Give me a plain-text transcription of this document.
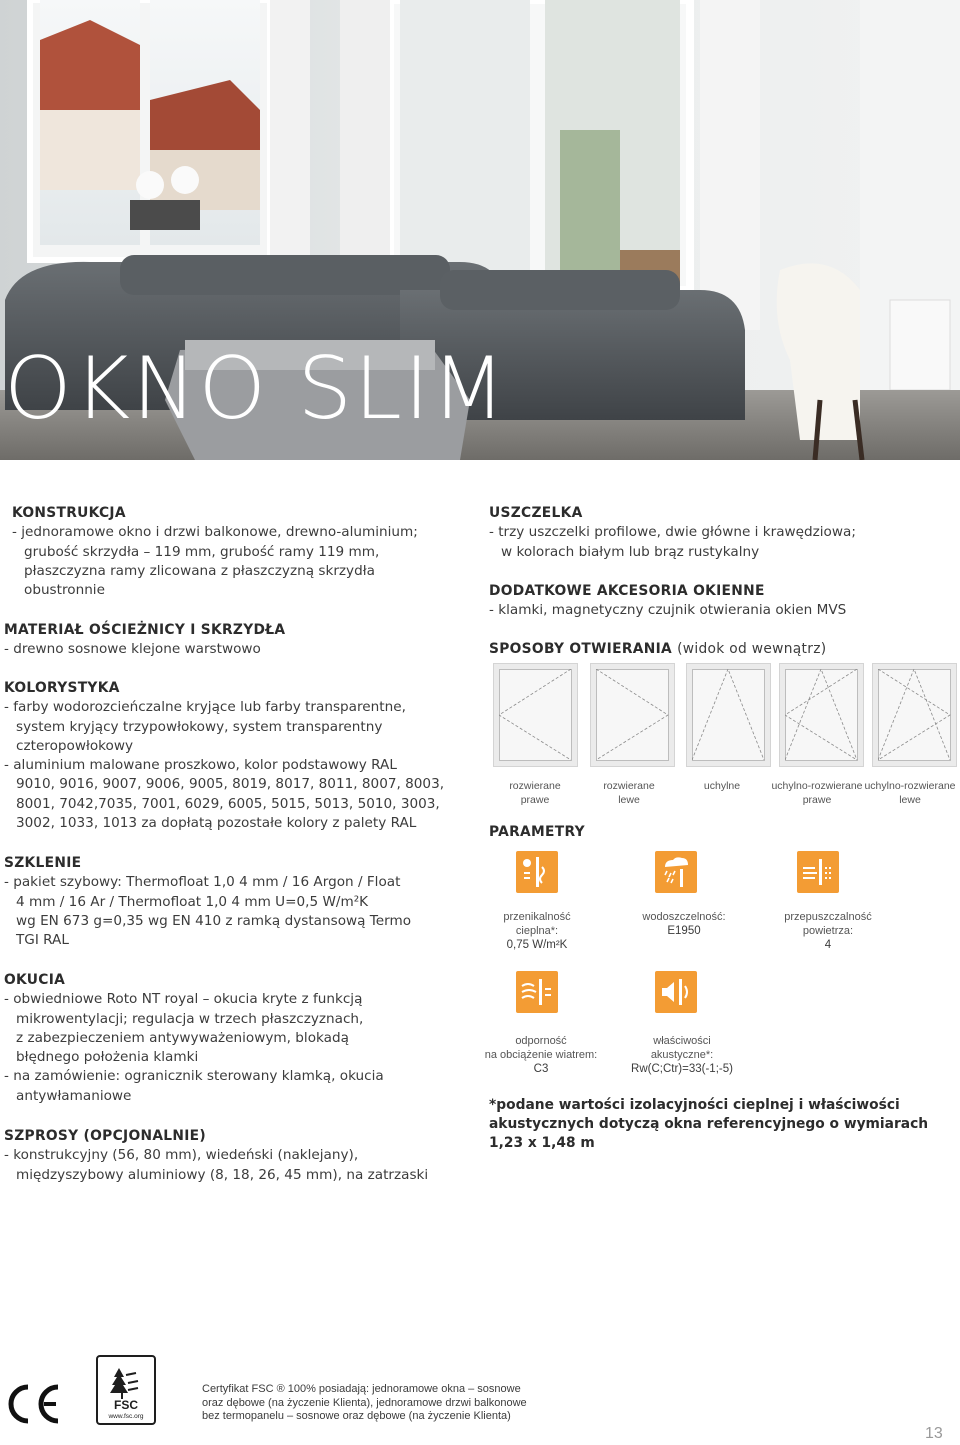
OKNO SLIM
KONSTRUKCJA

- jednoramowe okno i drzwi balkonowe, drewno-aluminium;

grubość skrzydła – 119 mm, grubość ramy 119 mm,

płaszczyzna ramy zlicowana z płaszczyzną skrzydła

obustronnie

MATERIAŁ OŚCIEŻNICY I SKRZYDŁA

- drewno sosnowe klejone warstwowo

KOLORYSTYKA

- farby wodorozcieńczalne kryjące lub farby transparentne,

system kryjący trzypowłokowy, system transparentny

czteropowłokowy

- aluminium malowane proszkowo, kolor podstawowy RAL

9010, 9016, 9007, 9006, 9005, 8019, 8017, 8011, 8007, 8003,

8001, 7042,7035, 7001, 6029, 6005, 5015, 5013, 5010, 3003,

3002, 1033, 1013 za dopłatą pozostałe kolory z palety RAL

SZKLENIE

- pakiet szybowy: Thermofloat 1,0 4 mm / 16 Argon / Float

4 mm / 16 Ar / Thermofloat 1,0 4 mm U=0,5 W/m²K

wg EN 673 g=0,35 wg EN 410 z ramką dystansową Termo

TGI RAL

OKUCIA

- obwiedniowe Roto NT royal – okucia kryte z funkcją

mikrowentylacji; regulacja w trzech płaszczyznach,

z zabezpieczeniem antywyważeniowym, blokadą

błędnego położenia klamki

- na zamówienie: ogranicznik sterowany klamką, okucia

antywłamaniowe

SZPROSY (OPCJONALNIE)

- konstrukcyjny (56, 80 mm), wiedeński (naklejany),

międzyszybowy aluminiowy (8, 18, 26, 45 mm), na zatrzaski

USZCZELKA

- trzy uszczelki profilowe, dwie główne i krawędziowa;

w kolorach białym lub brąz rustykalny

DODATKOWE AKCESORIA OKIENNE

- klamki, magnetyczny czujnik otwierania okien MVS

SPOSOBY OTWIERANIA (widok od wewnątrz)
rozwierane
prawe
rozwierane
lewe
uchylne	uchylno-rozwierane
prawe
uchylno-rozwierane
lewe
PARAMETRY
przenikalność
cieplna*:
0,75 W/m²K
wodoszczelność:
E1950
przepuszczalność
powietrza:
4
odporność
na obciążenie wiatrem:
C3
właściwości
akustyczne*:
Rw(C;Ctr)=33(-1;-5)
*podane wartości izolacyjności cieplnej i właściwości akustycznych dotyczą okna referencyjnego o wymiarach 1,23 x 1,48 m
FSC
www.fsc.org
Certyfikat FSC ® 100% posiadają: jednoramowe okna – sosnowe
oraz dębowe (na życzenie Klienta), jednoramowe drzwi balkonowe
bez termopanelu – sosnowe oraz dębowe (na życzenie Klienta)
13
